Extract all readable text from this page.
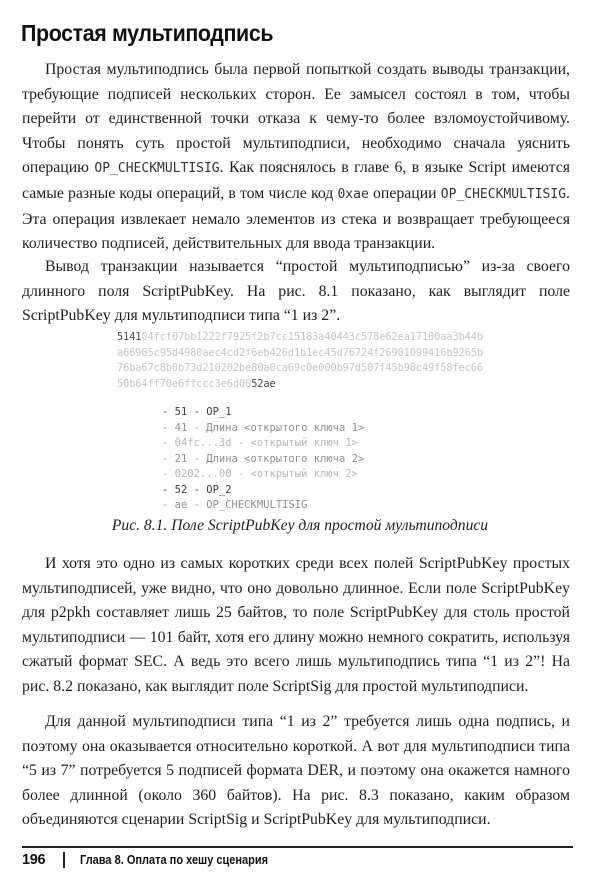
Простая мультиподпись

Простая мультиподпись была первой попыткой создать выводы транзакции, требующие подписей нескольких сторон. Ее замысел состоял в том, чтобы перейти от единственной точки отказа к чему-то более взломоустойчивому. Чтобы понять суть простой мультиподписи, необходимо сначала уяснить операцию OP_CHECKMULTISIG. Как пояснялось в главе 6, в языке Script имеются самые разные коды операций, в том числе код 0xae операции OP_CHECKMULTISIG. Эта операция извлекает немало элементов из стека и возвращает требующееся количество подписей, действительных для ввода транзакции.

Вывод транзакции называется “простой мультиподписью” из-за своего длинного поля ScriptPubKey. На рис. 8.1 показано, как выглядит поле ScriptPubKey для мультиподписи типа “1 из 2”.

514104fcf07bb1222f7925f2b7cc15183a40443c578e62ea17100aa3b44b
a66905c95d4980aec4cd2f6eb426d1b1ec45d76724f26901099416b9265b
76ba67c8b0b73d210202be80a0ca69c0e000b97d507f45b98c49f58fec66
50b64ff70e6ffccc3e6d0052ae
- 51 - OP_1
- 41 - Длина <открытого ключа 1>
- 04fc...3d - <открытый ключ 1>
- 21 - Длина <открытого ключа 2>
- 0202...00 - <открытый ключ 2>
- 52 - OP_2
- ae - OP_CHECKMULTISIG

Рис. 8.1. Поле ScriptPubKey для простой мультиподписи

И хотя это одно из самых коротких среди всех полей ScriptPubKey простых мультиподписей, уже видно, что оно довольно длинное. Если поле ScriptPubKey для p2pkh составляет лишь 25 байтов, то поле ScriptPubKey для столь простой мультиподписи — 101 байт, хотя его длину можно немного сократить, используя сжатый формат SEC. А ведь это всего лишь мультиподпись типа “1 из 2”! На рис. 8.2 показано, как выглядит поле ScriptSig для простой мультиподписи.

Для данной мультиподписи типа “1 из 2” требуется лишь одна подпись, и поэтому она оказывается относительно короткой. А вот для мультиподписи типа “5 из 7” потребуется 5 подписей формата DER, и поэтому она окажется намного более длинной (около 360 байтов). На рис. 8.3 показано, каким образом объединяются сценарии ScriptSig и ScriptPubKey для мультиподписи.

196	Глава 8. Оплата по хешу сценария
